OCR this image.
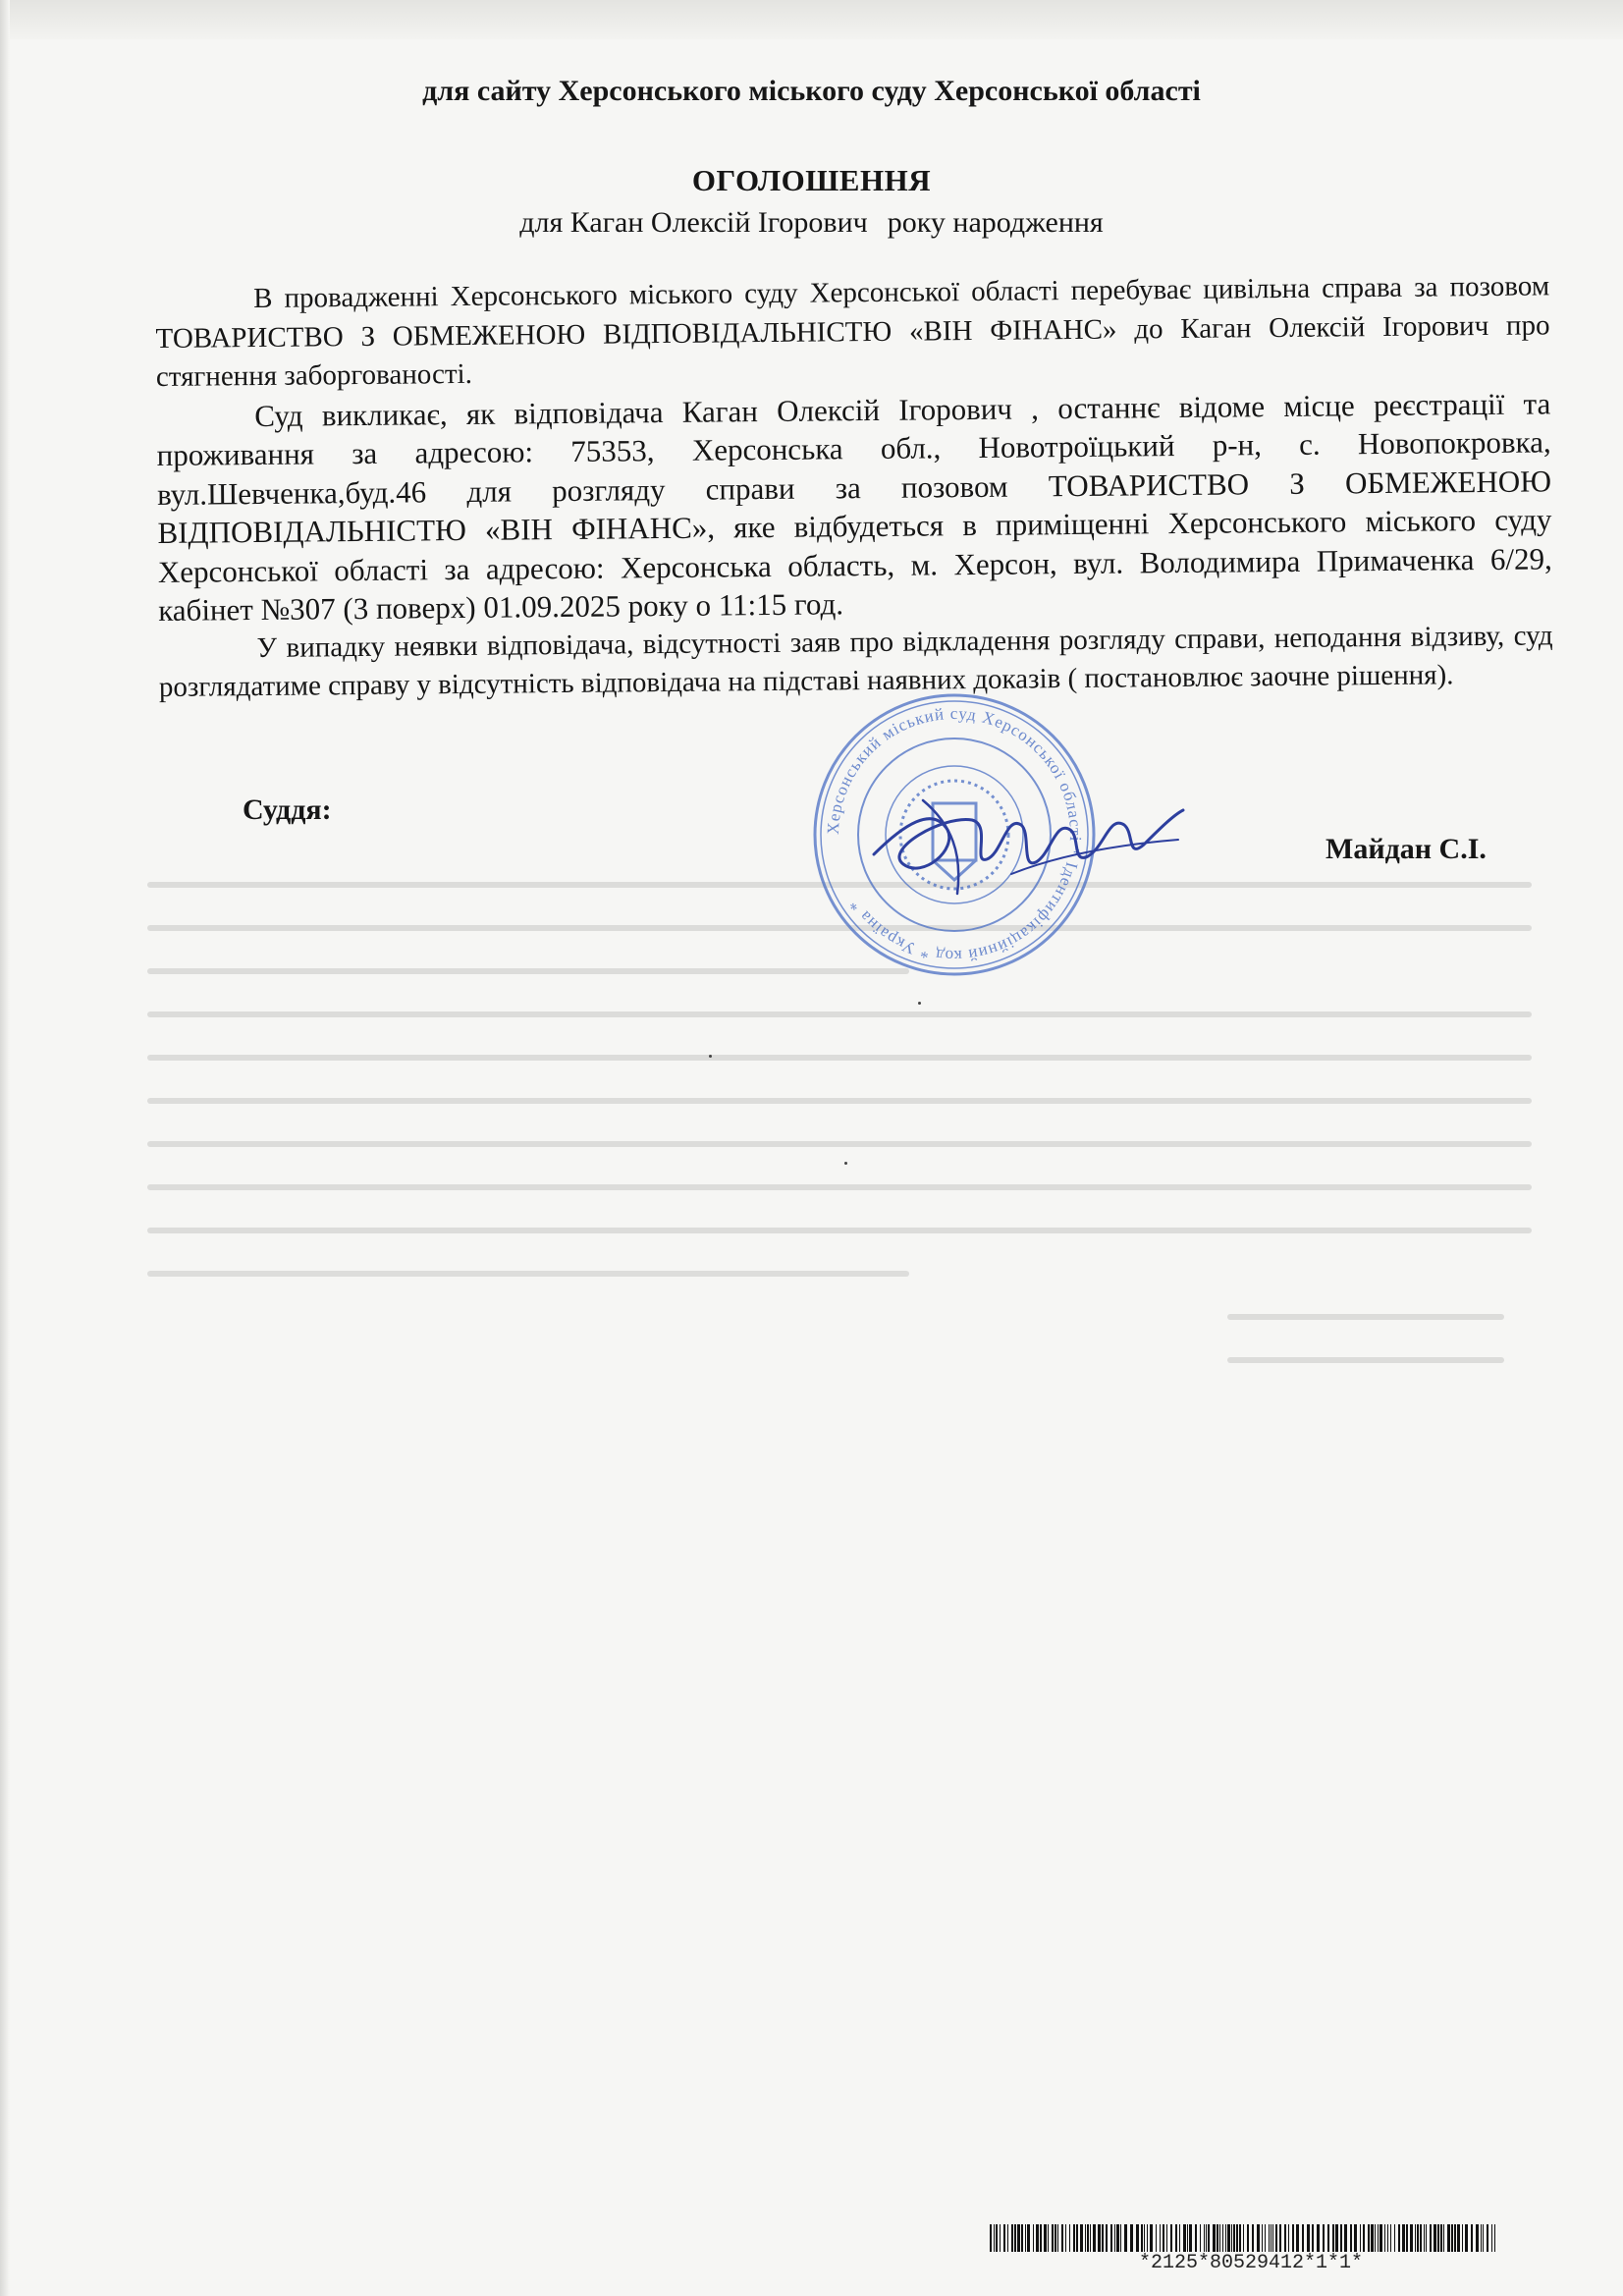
для сайту Херсонського міського суду Херсонської області
ОГОЛОШЕННЯ
для Каган Олексій Ігорович року народження

В провадженні Херсонського міського суду Херсонської області перебуває цивільна справа за позовом ТОВАРИСТВО З ОБМЕЖЕНОЮ ВІДПОВІДАЛЬНІСТЮ «ВІН ФІНАНС» до Каган Олексій Ігорович про стягнення заборгованості.

Суд викликає, як відповідача Каган Олексій Ігорович , останнє відоме місце реєстрації та проживання за адресою: 75353, Херсонська обл., Новотроїцький р-н, с. Новопокровка, вул.Шевченка,буд.46 для розгляду справи за позовом ТОВАРИСТВО З ОБМЕЖЕНОЮ ВІДПОВІДАЛЬНІСТЮ «ВІН ФІНАНС», яке відбудеться в приміщенні Херсонського міського суду Херсонської області за адресою: Херсонська область, м. Херсон, вул. Володимира Примаченка 6/29, кабінет №307 (3 поверх) 01.09.2025 року о 11:15 год.

У випадку неявки відповідача, відсутності заяв про відкладення розгляду справи, неподання відзиву, суд розглядатиме справу у відсутність відповідача на підставі наявних доказів ( постановлює заочне рішення).

Суддя:
Майдан С.І.
Херсонський міський суд Херсонської області * Ідентифікаційний код * Україна *
*2125*80529412*1*1*
